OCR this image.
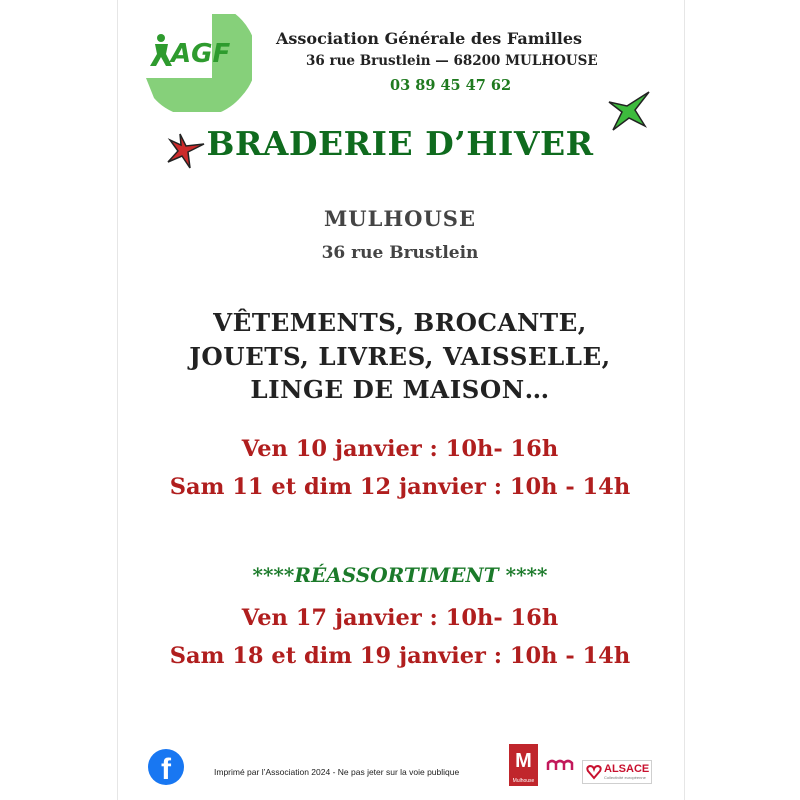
AGF
Association Générale des Familles
36 rue Brustlein — 68200 MULHOUSE
03 89 45 47 62
BRADERIE D’HIVER
MULHOUSE
36 rue Brustlein
VÊTEMENTS, BROCANTE,
JOUETS, LIVRES, VAISSELLE,
LINGE DE MAISON…
Ven 10 janvier : 10h- 16h
Sam 11 et dim 12 janvier : 10h - 14h
****RÉASSORTIMENT ****
Ven 17 janvier : 10h- 16h
Sam 18 et dim 19 janvier : 10h - 14h
f	Imprimé par l’Association 2024 - Ne pas jeter sur la voie publique	M
Mulhouse
ALSACE
Collectivité européenne
